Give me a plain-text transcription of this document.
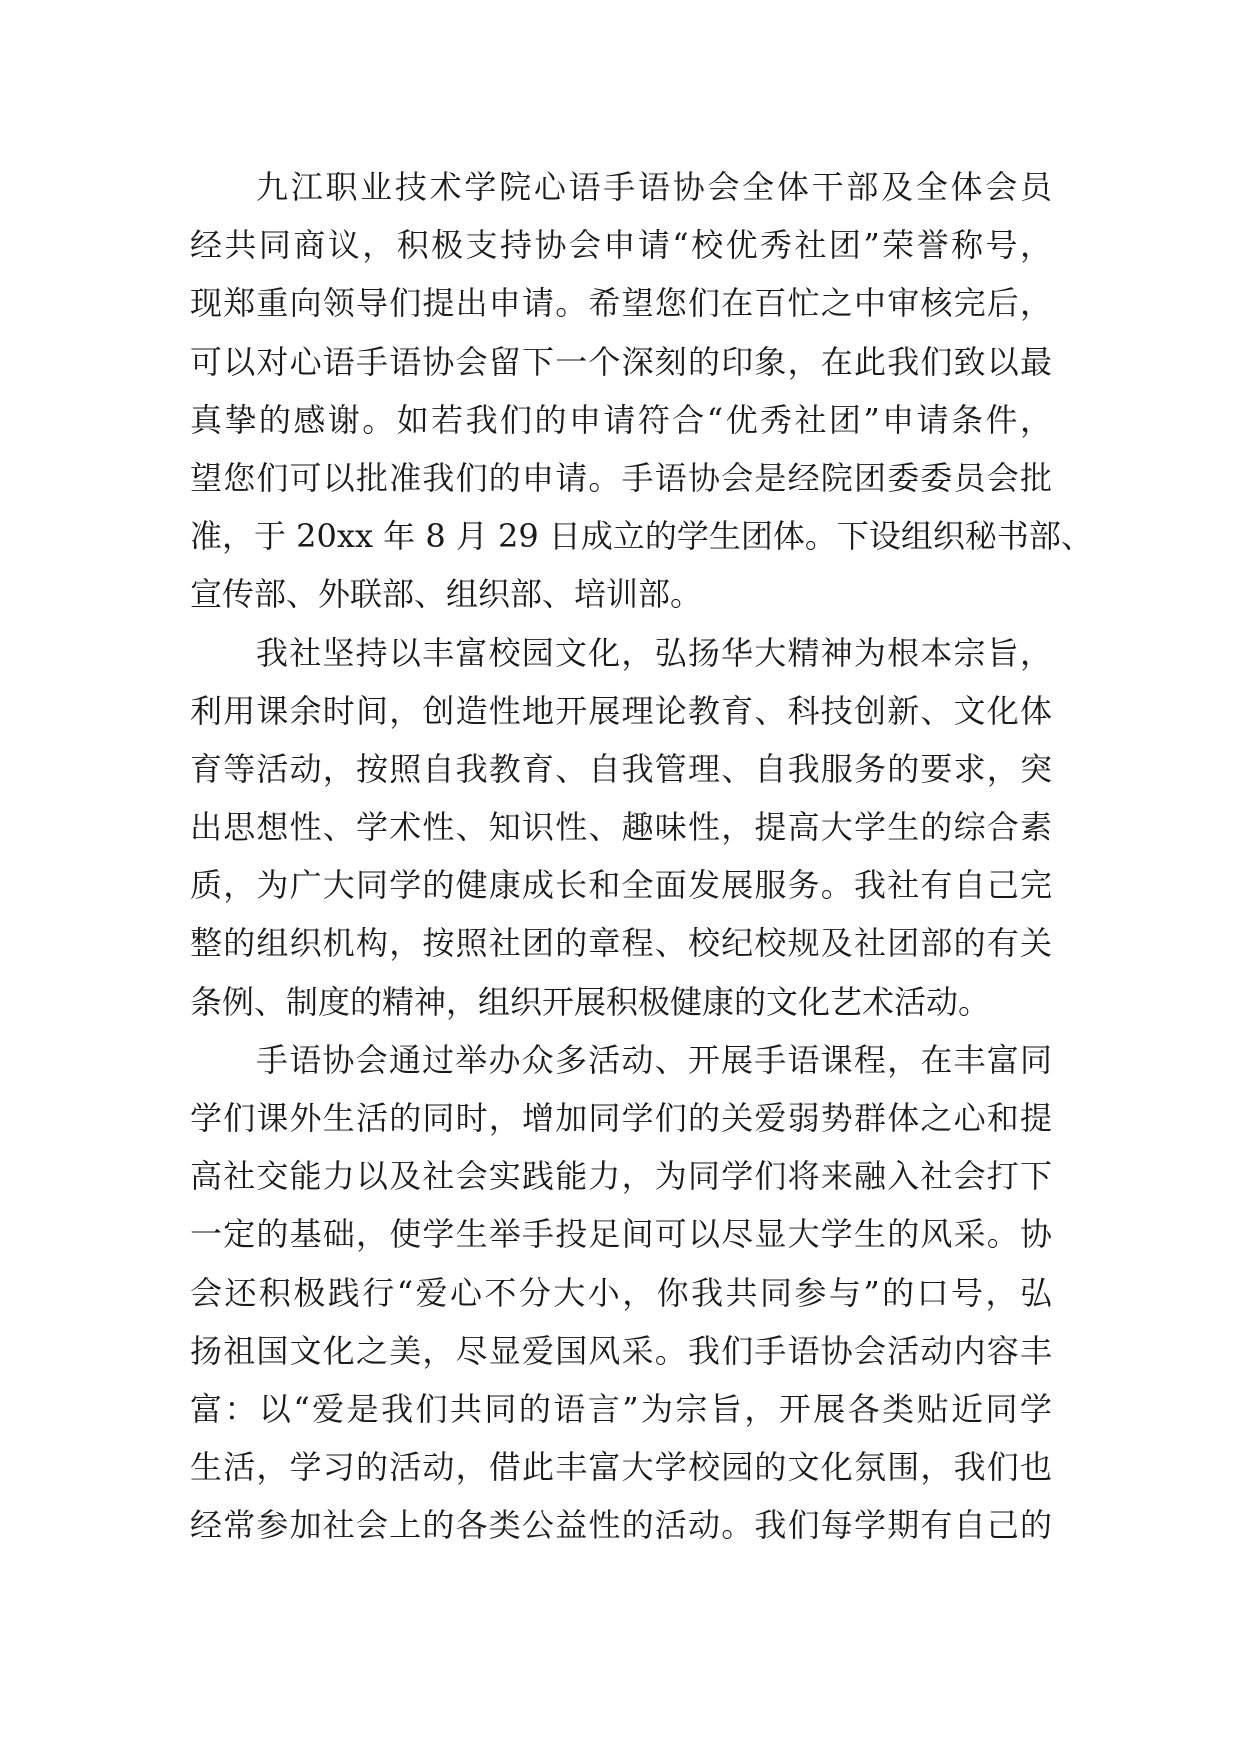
九江职业技术学院心语手语协会全体干部及全体会员
经共同商议，积极支持协会申请“校优秀社团”荣誉称号，
现郑重向领导们提出申请。希望您们在百忙之中审核完后，
可以对心语手语协会留下一个深刻的印象，在此我们致以最
真挚的感谢。如若我们的申请符合“优秀社团”申请条件，
望您们可以批准我们的申请。手语协会是经院团委委员会批
准，于 20xx 年 8 月 29 日成立的学生团体。下设组织秘书部、
宣传部、外联部、组织部、培训部。
我社坚持以丰富校园文化，弘扬华大精神为根本宗旨，
利用课余时间，创造性地开展理论教育、科技创新、文化体
育等活动，按照自我教育、自我管理、自我服务的要求，突
出思想性、学术性、知识性、趣味性，提高大学生的综合素
质，为广大同学的健康成长和全面发展服务。我社有自己完
整的组织机构，按照社团的章程、校纪校规及社团部的有关
条例、制度的精神，组织开展积极健康的文化艺术活动。
手语协会通过举办众多活动、开展手语课程，在丰富同
学们课外生活的同时，增加同学们的关爱弱势群体之心和提
高社交能力以及社会实践能力，为同学们将来融入社会打下
一定的基础，使学生举手投足间可以尽显大学生的风采。协
会还积极践行“爱心不分大小，你我共同参与”的口号，弘
扬祖国文化之美，尽显爱国风采。我们手语协会活动内容丰
富：以“爱是我们共同的语言”为宗旨，开展各类贴近同学
生活，学习的活动，借此丰富大学校园的文化氛围，我们也
经常参加社会上的各类公益性的活动。我们每学期有自己的
